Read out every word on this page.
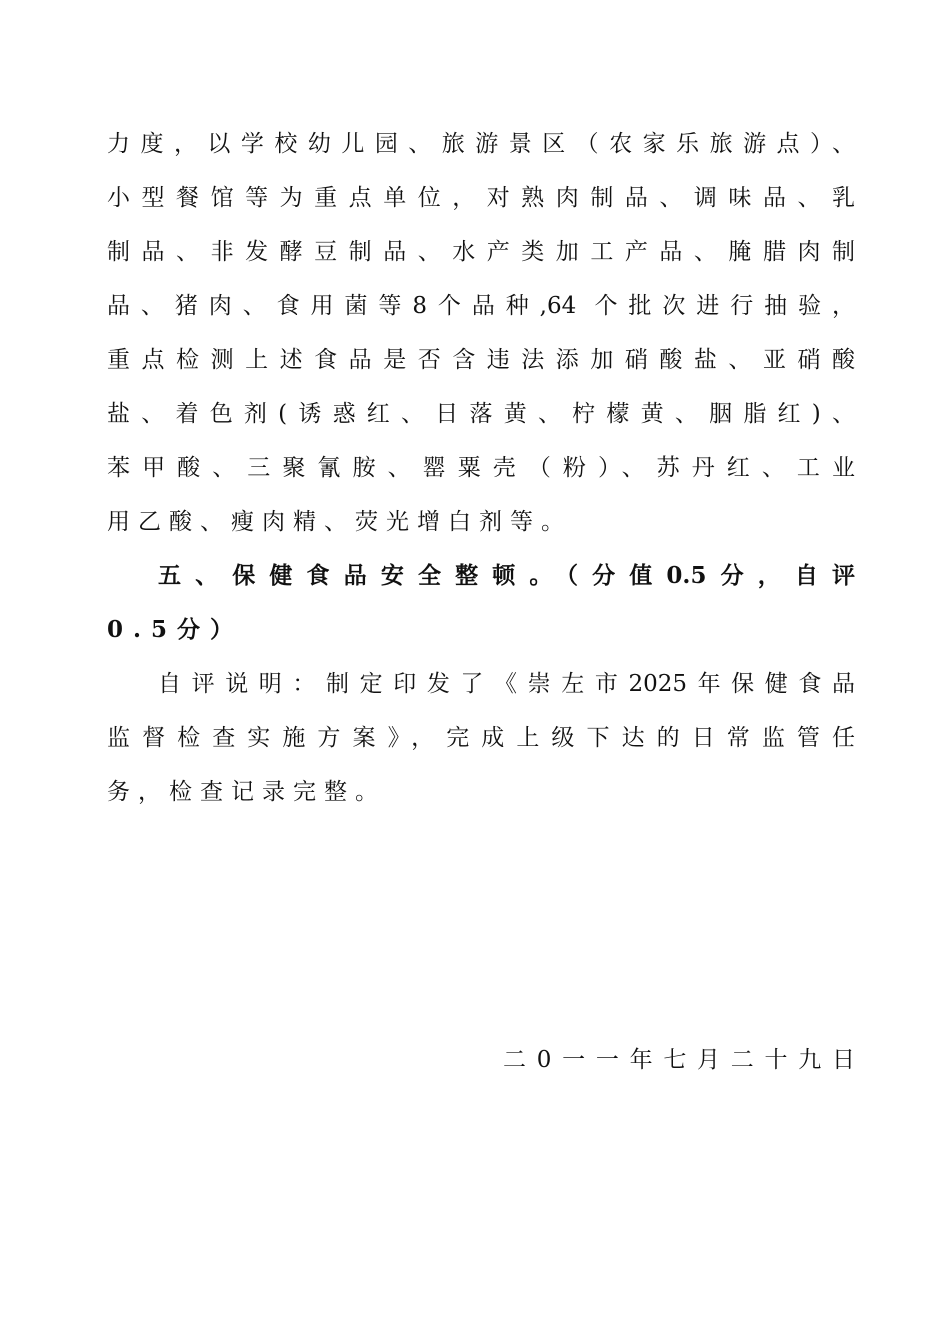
力度，以学校幼儿园、旅游景区（农家乐旅游点）、
小型餐馆等为重点单位，对熟肉制品、调味品、乳
制品、非发酵豆制品、水产类加工产品、腌腊肉制
品、猪肉、食用菌等8个品种,64 个批次进行抽验，
重点检测上述食品是否含违法添加硝酸盐、亚硝酸
盐、着色剂(诱惑红、日落黄、柠檬黄、胭脂红)、
苯甲酸、三聚氰胺、罂粟壳（粉）、苏丹红、工业
用乙酸、瘦肉精、荧光增白剂等。
五、保健食品安全整顿。（分值0.5分，自评
0.5分）
自评说明：制定印发了《崇左市2025年保健食品
监督检查实施方案》，完成上级下达的日常监管任
务，检查记录完整。
二0一一年七月二十九日
